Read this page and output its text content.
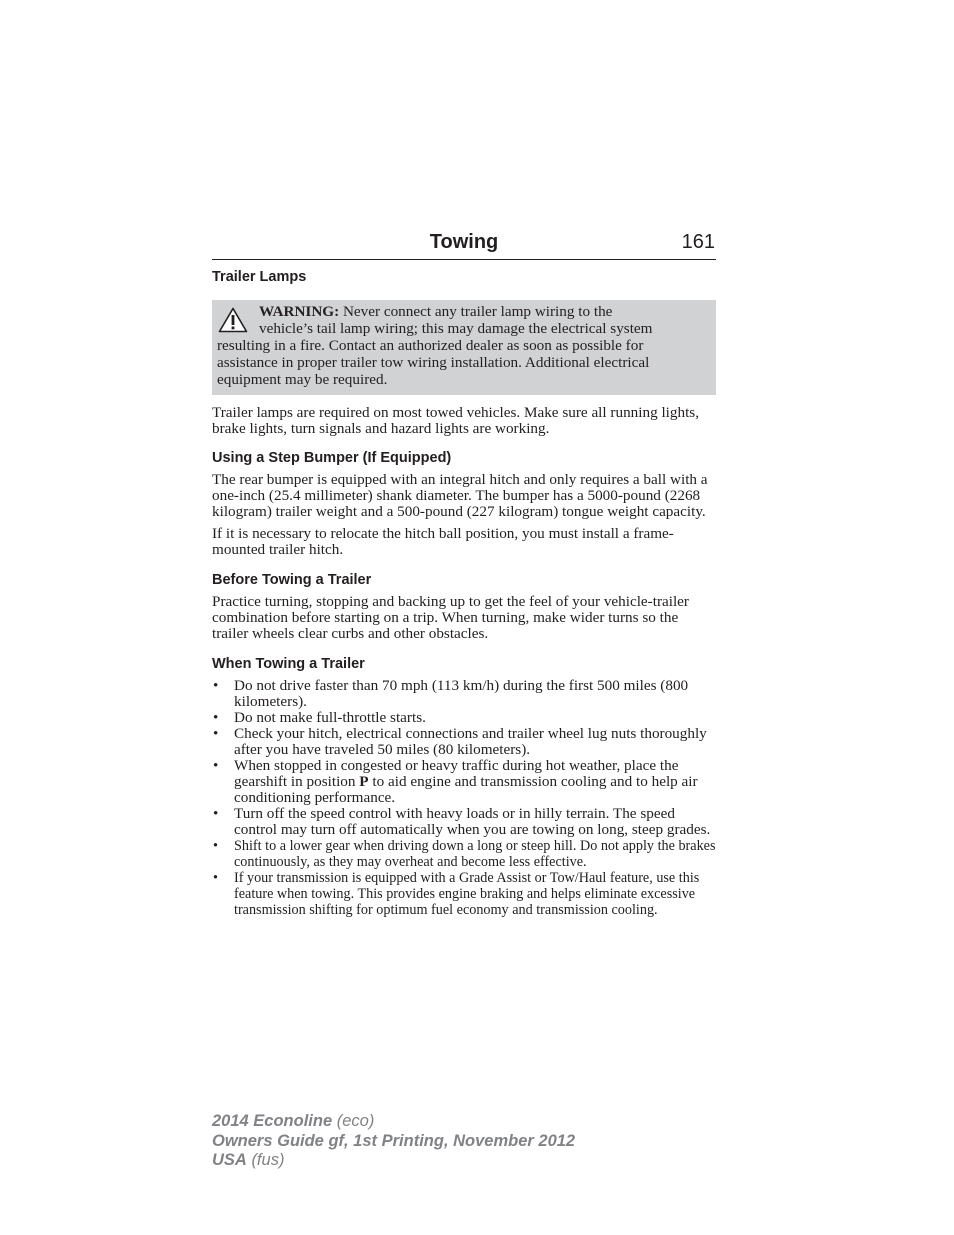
Towing	161
Trailer Lamps

WARNING: Never connect any trailer lamp wiring to the
vehicle’s tail lamp wiring; this may damage the electrical system
resulting in a fire. Contact an authorized dealer as soon as possible for assistance in proper trailer tow wiring installation. Additional electrical equipment may be required.

Trailer lamps are required on most towed vehicles. Make sure all running lights, brake lights, turn signals and hazard lights are working.

Using a Step Bumper (If Equipped)

The rear bumper is equipped with an integral hitch and only requires a ball with a one-inch (25.4 millimeter) shank diameter. The bumper has a 5000-pound (2268 kilogram) trailer weight and a 500-pound (227 kilogram) tongue weight capacity.

If it is necessary to relocate the hitch ball position, you must install a frame-mounted trailer hitch.

Before Towing a Trailer

Practice turning, stopping and backing up to get the feel of your vehicle-trailer combination before starting on a trip. When turning, make wider turns so the trailer wheels clear curbs and other obstacles.

When Towing a Trailer
• Do not drive faster than 70 mph (113 km/h) during the first 500 miles (800 kilometers).
• Do not make full-throttle starts.
• Check your hitch, electrical connections and trailer wheel lug nuts thoroughly after you have traveled 50 miles (80 kilometers).
• When stopped in congested or heavy traffic during hot weather, place the gearshift in position P to aid engine and transmission cooling and to help air conditioning performance.
• Turn off the speed control with heavy loads or in hilly terrain. The speed control may turn off automatically when you are towing on long, steep grades.
• Shift to a lower gear when driving down a long or steep hill. Do not apply the brakes continuously, as they may overheat and become less effective.
• If your transmission is equipped with a Grade Assist or Tow/Haul feature, use this feature when towing. This provides engine braking and helps eliminate excessive transmission shifting for optimum fuel economy and transmission cooling.
2014 Econoline (eco)
Owners Guide gf, 1st Printing, November 2012
USA (fus)
